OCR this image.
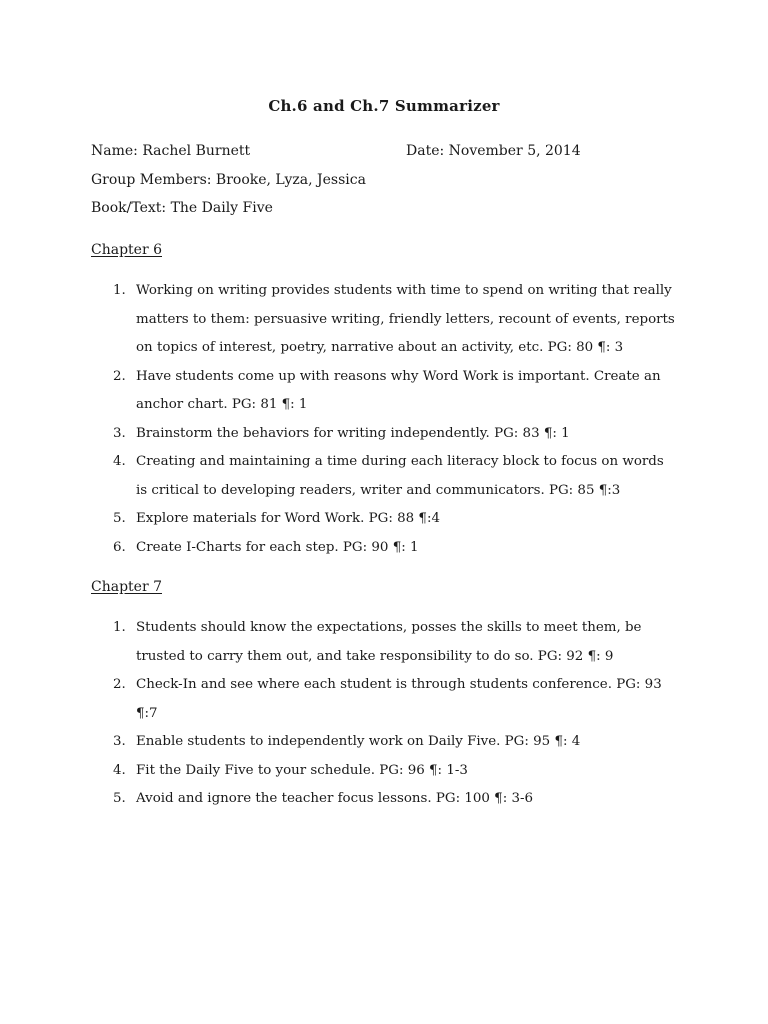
Ch.6 and Ch.7 Summarizer
Name: Rachel Burnett	Date: November 5, 2014
Group Members: Brooke, Lyza, Jessica
Book/Text: The Daily Five
Chapter 6
1. Working on writing provides students with time to spend on writing that really matters to them: persuasive writing, friendly letters, recount of events, reports on topics of interest, poetry, narrative about an activity, etc. PG: 80 ¶: 3
2. Have students come up with reasons why Word Work is important. Create an anchor chart. PG: 81 ¶: 1
3. Brainstorm the behaviors for writing independently. PG: 83 ¶: 1
4. Creating and maintaining a time during each literacy block to focus on words is critical to developing readers, writer and communicators. PG: 85 ¶:3
5. Explore materials for Word Work. PG: 88 ¶:4
6. Create I-Charts for each step. PG: 90 ¶: 1
Chapter 7
1. Students should know the expectations, posses the skills to meet them, be trusted to carry them out, and take responsibility to do so. PG: 92 ¶: 9
2. Check-In and see where each student is through students conference. PG: 93 ¶:7
3. Enable students to independently work on Daily Five. PG: 95 ¶: 4
4. Fit the Daily Five to your schedule. PG: 96 ¶: 1-3
5. Avoid and ignore the teacher focus lessons. PG: 100 ¶: 3-6
